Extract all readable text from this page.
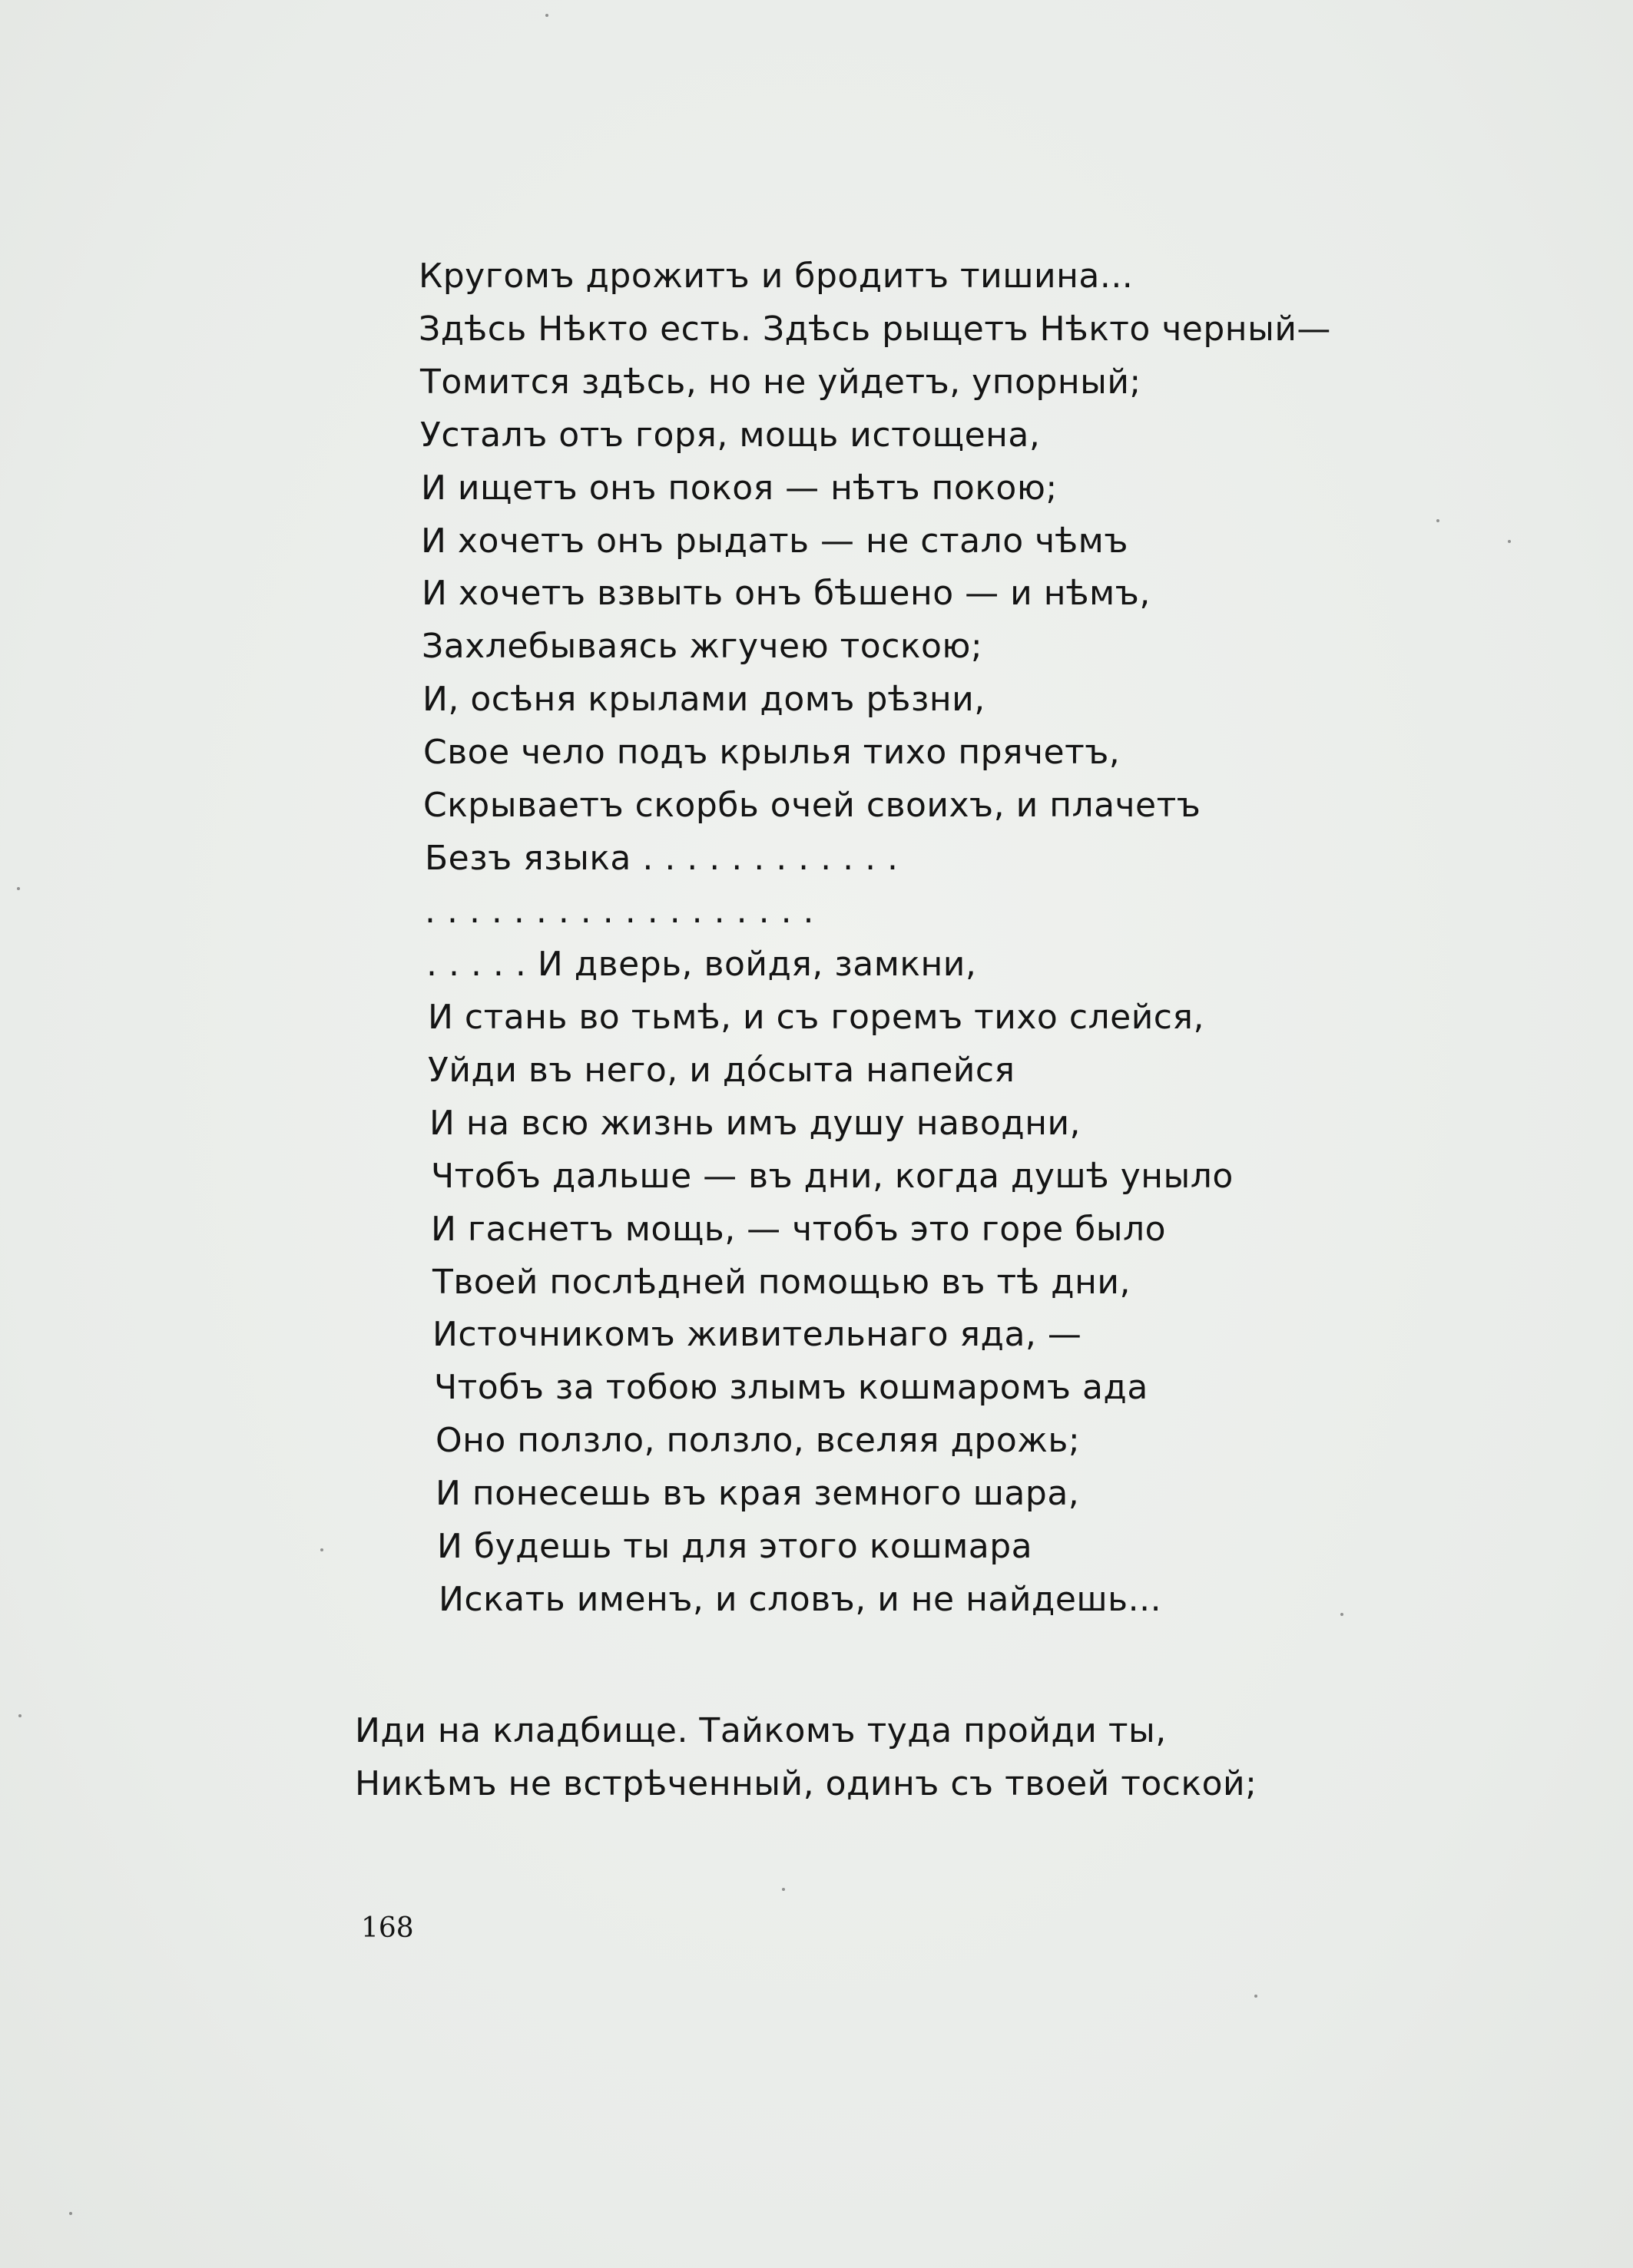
Кругомъ дрожитъ и бродитъ тишина...
Здѣсь Нѣкто есть. Здѣсь рыщетъ Нѣкто черный—
Томится здѣсь, но не уйдетъ, упорный;
Усталъ отъ горя, мощь истощена,
И ищетъ онъ покоя — нѣтъ покою;
И хочетъ онъ рыдать — не стало чѣмъ
И хочетъ взвыть онъ бѣшено — и нѣмъ,
Захлебываясь жгучею тоскою;
И, осѣня крылами домъ рѣзни,
Свое чело подъ крылья тихо прячетъ,
Скрываетъ скорбь очей своихъ, и плачетъ
Безъ языка . . . . . . . . . . . .
. . . . . . . . . . . . . . . . . .
. . . . . И дверь, войдя, замкни,
И стань во тьмѣ, и съ горемъ тихо слейся,
Уйди въ него, и до́сыта напейся
И на всю жизнь имъ душу наводни,
Чтобъ дальше — въ дни, когда душѣ уныло
И гаснетъ мощь, — чтобъ это горе было
Твоей послѣдней помощью въ тѣ дни,
Источникомъ живительнаго яда, —
Чтобъ за тобою злымъ кошмаромъ ада
Оно ползло, ползло, вселяя дрожь;
И понесешь въ края земного шара,
И будешь ты для этого кошмара
Искать именъ, и словъ, и не найдешь...
Иди на кладбище. Тайкомъ туда пройди ты,
Никѣмъ не встрѣченный, одинъ съ твоей тоской;
168
